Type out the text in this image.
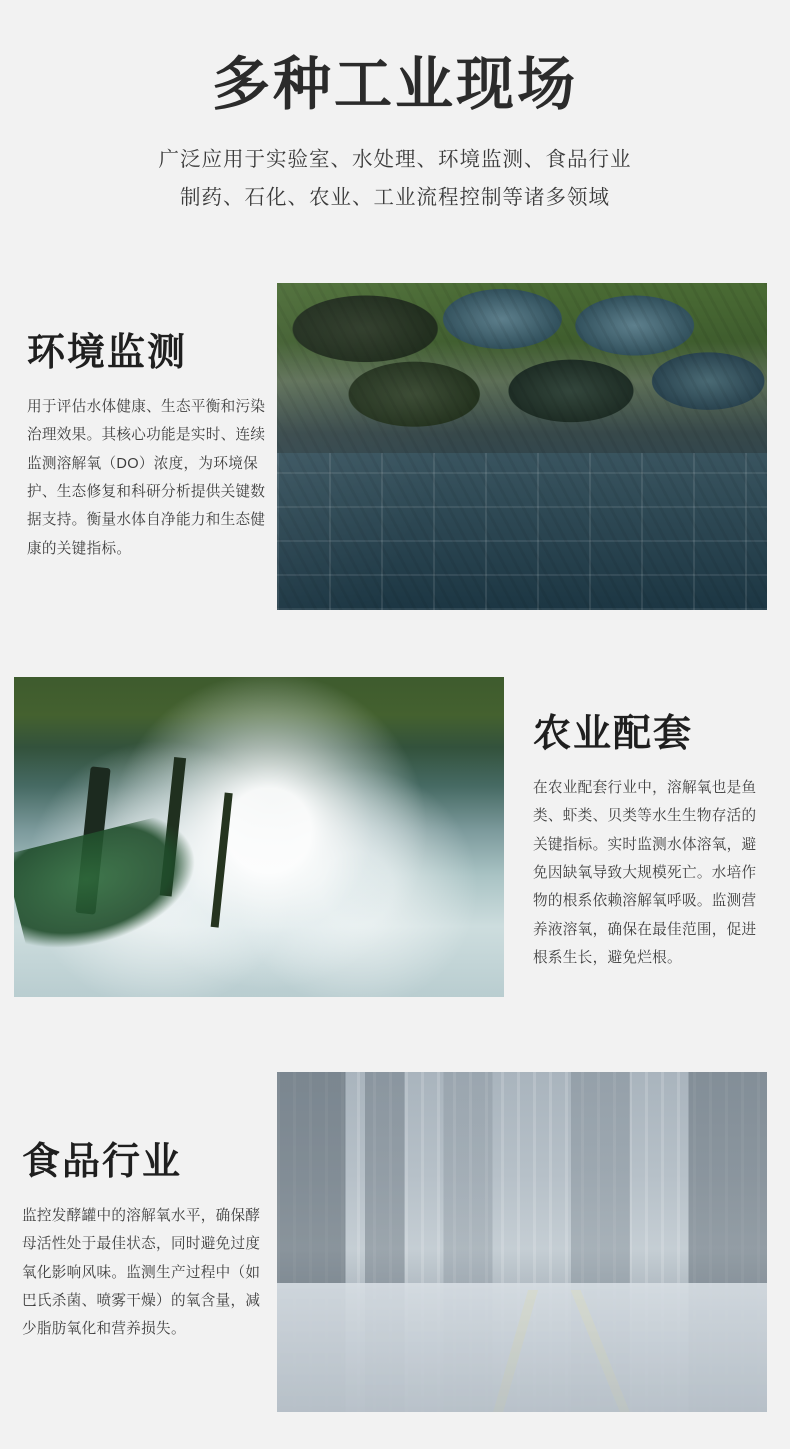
多种工业现场
广泛应用于实验室、水处理、环境监测、食品行业
制药、石化、农业、工业流程控制等诸多领域
环境监测
用于评估水体健康、生态平衡和污染治理效果。其核心功能是实时、连续监测溶解氧（DO）浓度，为环境保护、生态修复和科研分析提供关键数据支持。衡量水体自净能力和生态健康的关键指标。
农业配套
在农业配套行业中，溶解氧也是鱼类、虾类、贝类等水生生物存活的关键指标。实时监测水体溶氧，避免因缺氧导致大规模死亡。水培作物的根系依赖溶解氧呼吸。监测营养液溶氧，确保在最佳范围，促进根系生长，避免烂根。
食品行业
监控发酵罐中的溶解氧水平，确保酵母活性处于最佳状态，同时避免过度氧化影响风味。监测生产过程中（如巴氏杀菌、喷雾干燥）的氧含量，减少脂肪氧化和营养损失。
